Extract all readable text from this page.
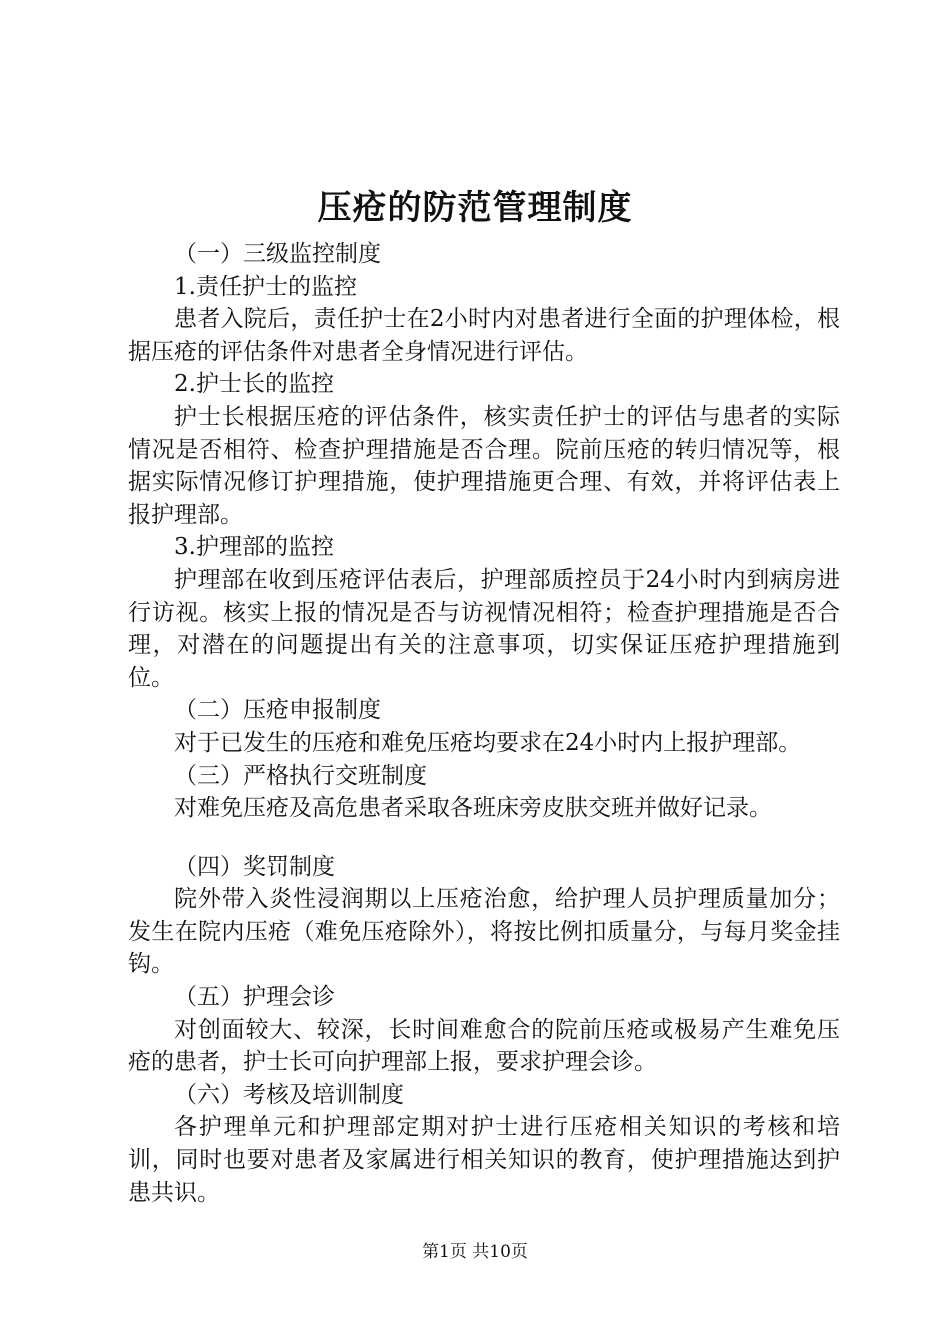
压疮的防范管理制度

（一）三级监控制度

1.责任护士的监控

患者入院后，责任护士在2小时内对患者进行全面的护理体检，根据压疮的评估条件对患者全身情况进行评估。

2.护士长的监控

护士长根据压疮的评估条件，核实责任护士的评估与患者的实际情况是否相符、检查护理措施是否合理。院前压疮的转归情况等，根据实际情况修订护理措施，使护理措施更合理、有效，并将评估表上报护理部。

3.护理部的监控

护理部在收到压疮评估表后，护理部质控员于24小时内到病房进行访视。核实上报的情况是否与访视情况相符；检查护理措施是否合理，对潜在的问题提出有关的注意事项，切实保证压疮护理措施到位。

（二）压疮申报制度

对于已发生的压疮和难免压疮均要求在24小时内上报护理部。

（三）严格执行交班制度

对难免压疮及高危患者采取各班床旁皮肤交班并做好记录。

（四）奖罚制度

院外带入炎性浸润期以上压疮治愈，给护理人员护理质量加分；发生在院内压疮（难免压疮除外），将按比例扣质量分，与每月奖金挂钩。

（五）护理会诊

对创面较大、较深，长时间难愈合的院前压疮或极易产生难免压疮的患者，护士长可向护理部上报，要求护理会诊。

（六）考核及培训制度

各护理单元和护理部定期对护士进行压疮相关知识的考核和培训，同时也要对患者及家属进行相关知识的教育，使护理措施达到护患共识。

第1页 共10页
